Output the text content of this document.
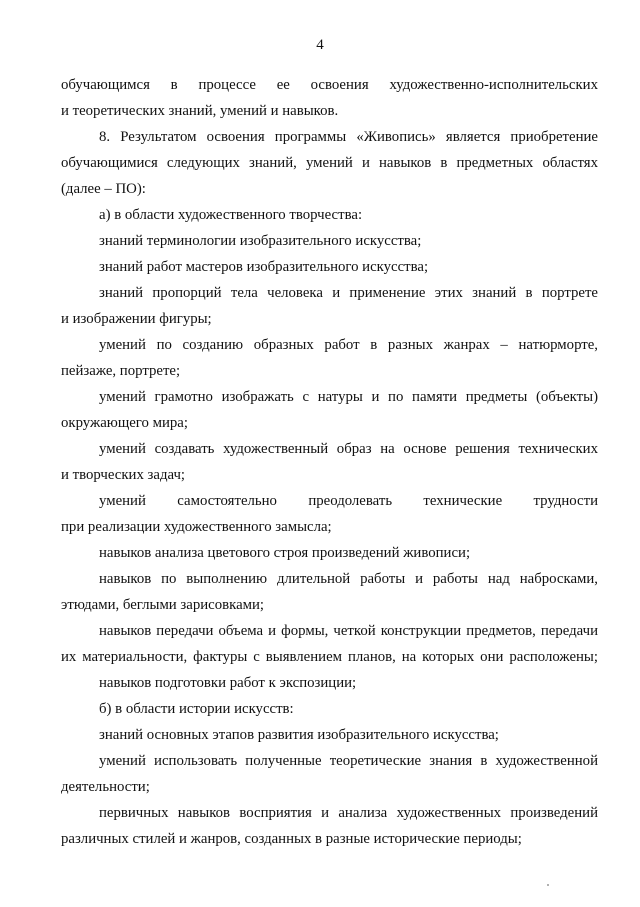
4
обучающимся в процессе ее освоения художественно-исполнительских
и теоретических знаний, умений и навыков.
8. Результатом освоения программы «Живопись» является приобретение
обучающимися следующих знаний, умений и навыков в предметных областях
(далее – ПО):
а) в области художественного творчества:
знаний терминологии изобразительного искусства;
знаний работ мастеров изобразительного искусства;
знаний пропорций тела человека и применение этих знаний в портрете
и изображении фигуры;
умений по созданию образных работ в разных жанрах – натюрморте,
пейзаже, портрете;
умений грамотно изображать с натуры и по памяти предметы (объекты)
окружающего мира;
умений создавать художественный образ на основе решения технических
и творческих задач;
умений самостоятельно преодолевать технические трудности
при реализации художественного замысла;
навыков анализа цветового строя произведений живописи;
навыков по выполнению длительной работы и работы над набросками,
этюдами, беглыми зарисовками;
навыков передачи объема и формы, четкой конструкции предметов, передачи
их материальности, фактуры с выявлением планов, на которых они расположены;
навыков подготовки работ к экспозиции;
б) в области истории искусств:
знаний основных этапов развития изобразительного искусства;
умений использовать полученные теоретические знания в художественной
деятельности;
первичных навыков восприятия и анализа художественных произведений
различных стилей и жанров, созданных в разные исторические периоды;
